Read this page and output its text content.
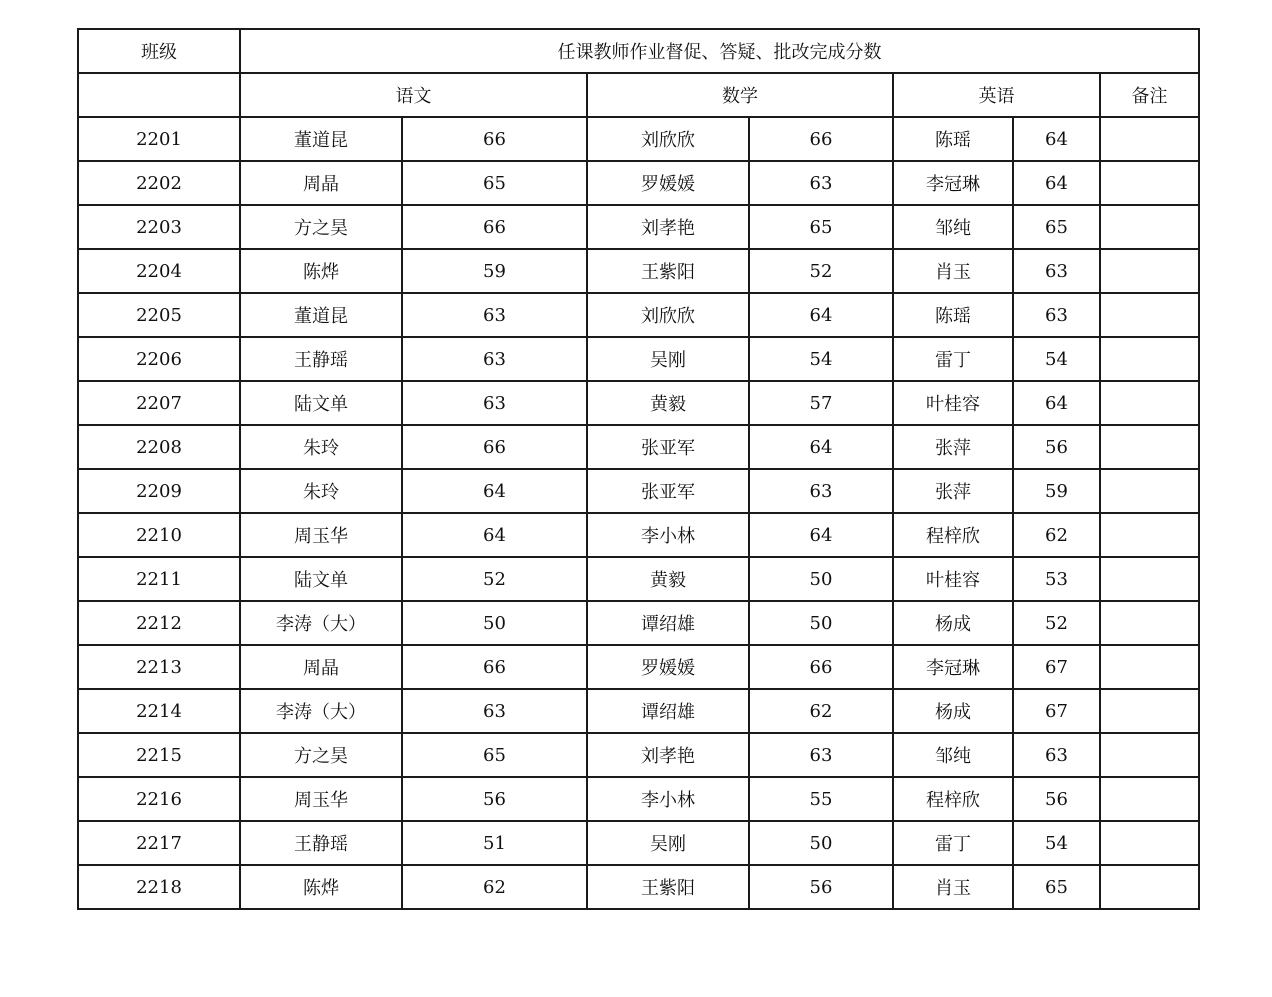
班级	任课教师作业督促、答疑、批改完成分数						
	语文		数学		英语		备注
2201	董道昆	66	刘欣欣	66	陈瑶	64	
2202	周晶	65	罗媛媛	63	李冠琳	64	
2203	方之昊	66	刘孝艳	65	邹纯	65	
2204	陈烨	59	王紫阳	52	肖玉	63	
2205	董道昆	63	刘欣欣	64	陈瑶	63	
2206	王静瑶	63	吴刚	54	雷丁	54	
2207	陆文单	63	黄毅	57	叶桂容	64	
2208	朱玲	66	张亚军	64	张萍	56	
2209	朱玲	64	张亚军	63	张萍	59	
2210	周玉华	64	李小林	64	程梓欣	62	
2211	陆文单	52	黄毅	50	叶桂容	53	
2212	李涛（大）	50	谭绍雄	50	杨成	52	
2213	周晶	66	罗媛媛	66	李冠琳	67	
2214	李涛（大）	63	谭绍雄	62	杨成	67	
2215	方之昊	65	刘孝艳	63	邹纯	63	
2216	周玉华	56	李小林	55	程梓欣	56	
2217	王静瑶	51	吴刚	50	雷丁	54	
2218	陈烨	62	王紫阳	56	肖玉	65	
